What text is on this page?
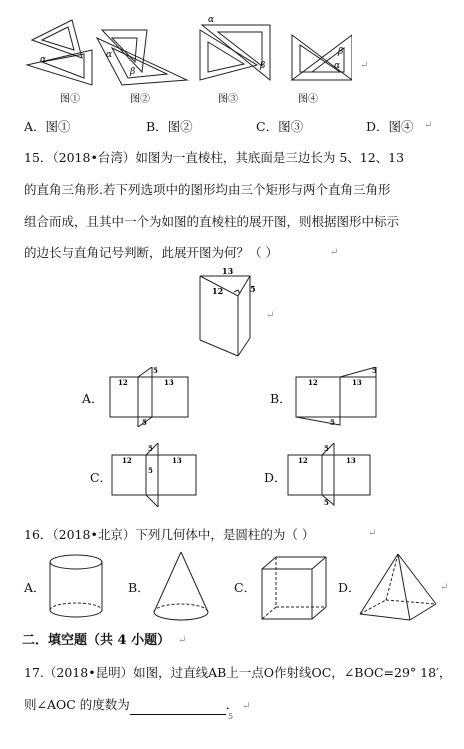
α	α
β
α
β	α
β
图①	图②	图③	图④
↵
A．图①	B．图②	C．图③	D．图④ ↵
15．（2018•台湾）如图为一直棱柱，其底面是三边长为 5、12、13
的直角三角形.若下列选项中的图形均由三个矩形与两个直角三角形
组合而成，且其中一个为如图的直棱柱的展开图，则根据图形中标示
的边长与直角记号判断，此展开图为何？（ ）	↵
13
12	5
↵
A．
12
5
13
5
B．
12
5
13
5
C．
12
5
13
5	D．
12
5
13
5
16．（2018•北京）下列几何体中，是圆柱的为（ ）	↵
A．	B．	C．	D．	↵
二．填空题（共 4 小题） ↵
17.（2018•昆明）如图，过直线AB上一点O作射线OC，∠BOC=29° 18′，
则∠AOC 的度数为	． ↵
5
